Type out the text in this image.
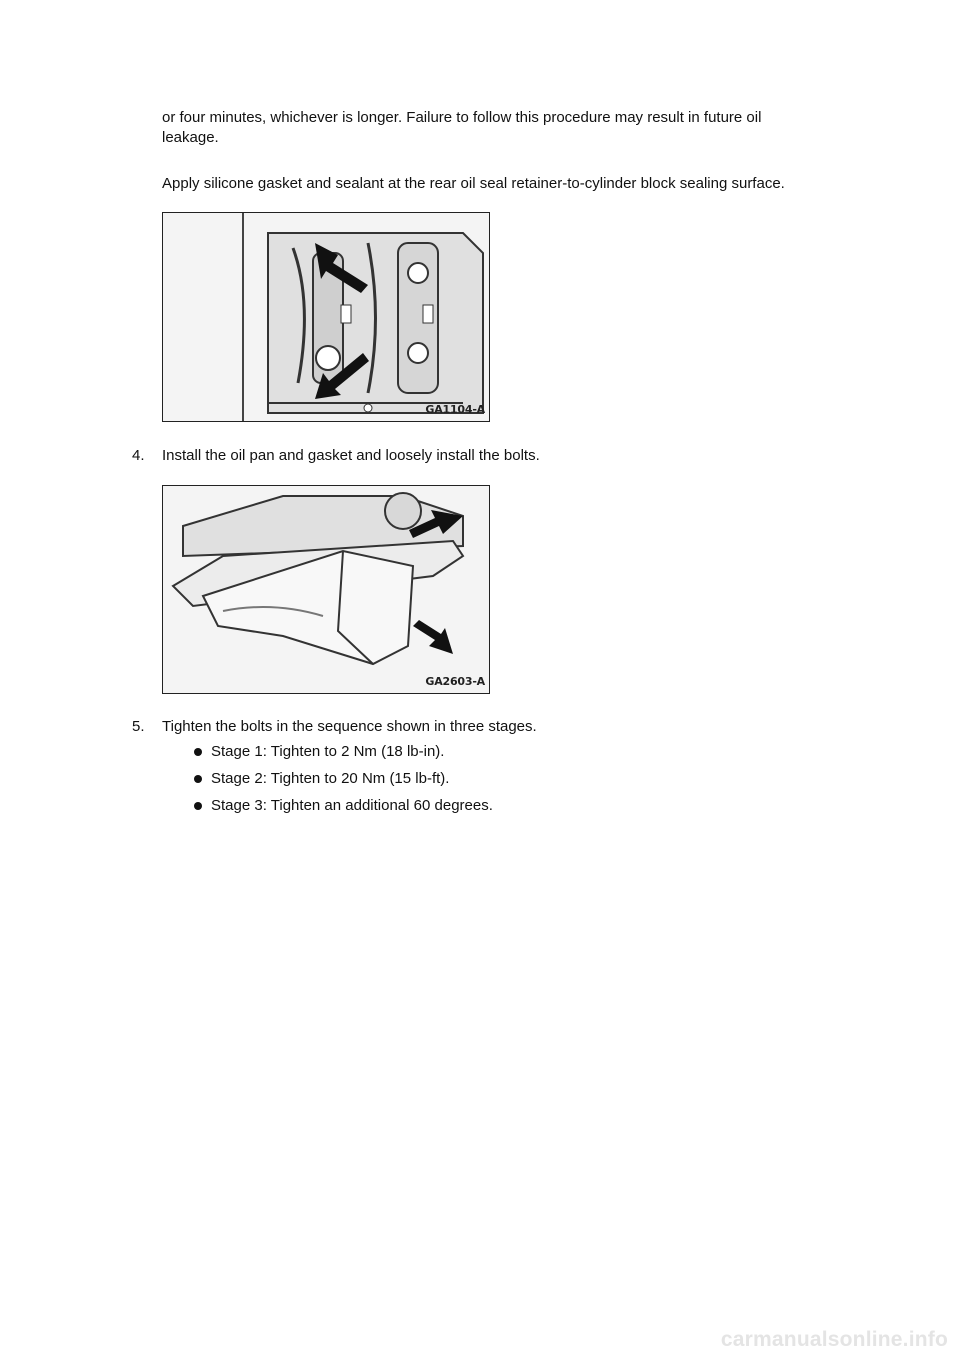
or four minutes, whichever is longer. Failure to follow this procedure may result in future oil leakage.
Apply silicone gasket and sealant at the rear oil seal retainer-to-cylinder block sealing surface.
GA1104-A
4. Install the oil pan and gasket and loosely install the bolts.
GA2603-A
5. Tighten the bolts in the sequence shown in three stages.
Stage 1: Tighten to 2 Nm (18 lb-in).
Stage 2: Tighten to 20 Nm (15 lb-ft).
Stage 3: Tighten an additional 60 degrees.
carmanualsonline.info
